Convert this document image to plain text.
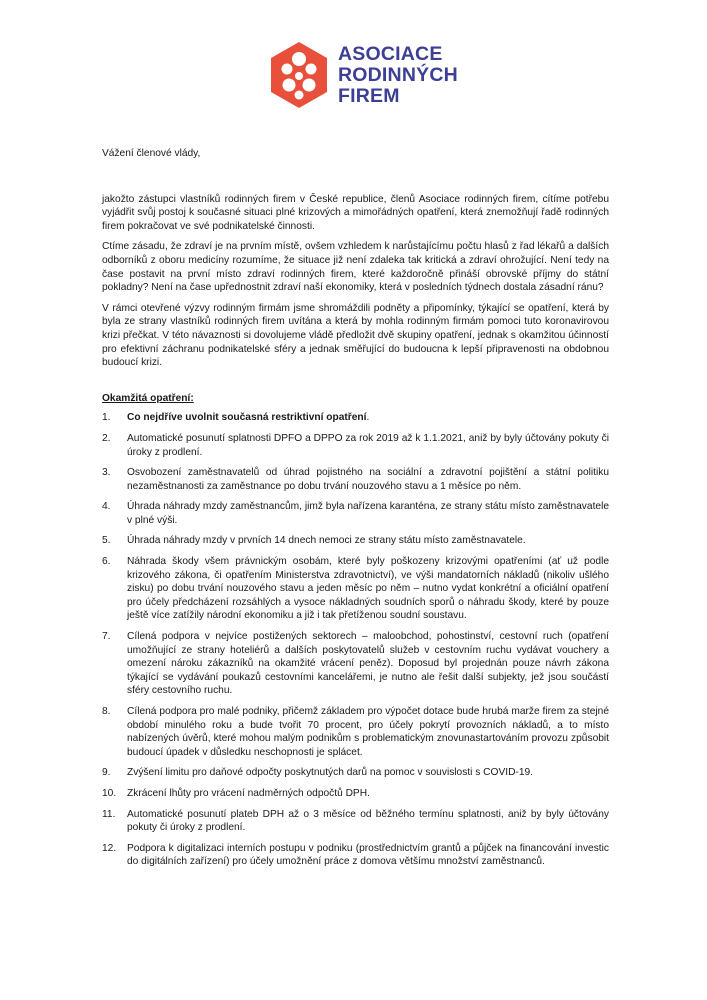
ASOCIACE
RODINNÝCH
FIREM

Vážení členové vlády,

jakožto zástupci vlastníků rodinných firem v České republice, členů Asociace rodinných firem, cítíme potřebu vyjádřit svůj postoj k současné situaci plné krizových a mimořádných opatření, která znemožňují řadě rodinných firem pokračovat ve své podnikatelské činnosti.

Ctíme zásadu, že zdraví je na prvním místě, ovšem vzhledem k narůstajícímu počtu hlasů z řad lékařů a dalších odborníků z oboru medicíny rozumíme, že situace již není zdaleka tak kritická a zdraví ohrožující. Není tedy na čase postavit na první místo zdraví rodinných firem, které každoročně přináší obrovské příjmy do státní pokladny? Není na čase upřednostnit zdraví naší ekonomiky, která v posledních týdnech dostala zásadní ránu?

V rámci otevřené výzvy rodinným firmám jsme shromáždili podněty a připomínky, týkající se opatření, která by byla ze strany vlastníků rodinných firem uvítána a která by mohla rodinným firmám pomoci tuto koronavirovou krizi přečkat. V této návaznosti si dovolujeme vládě předložit dvě skupiny opatření, jednak s okamžitou účinností pro efektivní záchranu podnikatelské sféry a jednak směřující do budoucna k lepší připravenosti na obdobnou budoucí krizi.

Okamžitá opatření:
1.	Co nejdříve uvolnit současná restriktivní opatření.
2.	Automatické posunutí splatnosti DPFO a DPPO za rok 2019 až k 1.1.2021, aniž by byly účtovány pokuty či úroky z prodlení.
3.	Osvobození zaměstnavatelů od úhrad pojistného na sociální a zdravotní pojištění a státní politiku nezaměstnanosti za zaměstnance po dobu trvání nouzového stavu a 1 měsíce po něm.
4.	Úhrada náhrady mzdy zaměstnancům, jimž byla nařízena karanténa, ze strany státu místo zaměstnavatele v plné výši.
5.	Úhrada náhrady mzdy v prvních 14 dnech nemoci ze strany státu místo zaměstnavatele.
6.	Náhrada škody všem právnickým osobám, které byly poškozeny krizovými opatřeními (ať už podle krizového zákona, či opatřením Ministerstva zdravotnictví), ve výši mandatorních nákladů (nikoliv ušlého zisku) po dobu trvání nouzového stavu a jeden měsíc po něm – nutno vydat konkrétní a oficiální opatření pro účely předcházení rozsáhlých a vysoce nákladných soudních sporů o náhradu škody, které by pouze ještě více zatížily národní ekonomiku a již i tak přetíženou soudní soustavu.
7.	Cílená podpora v nejvíce postižených sektorech – maloobchod, pohostinství, cestovní ruch (opatření umožňující ze strany hoteliérů a dalších poskytovatelů služeb v cestovním ruchu vydávat vouchery a omezení nároku zákazníků na okamžité vrácení peněz). Doposud byl projednán pouze návrh zákona týkající se vydávání poukazů cestovními kancelářemi, je nutno ale řešit další subjekty, jež jsou součástí sféry cestovního ruchu.
8.	Cílená podpora pro malé podniky, přičemž základem pro výpočet dotace bude hrubá marže firem za stejné období minulého roku a bude tvořit 70 procent, pro účely pokrytí provozních nákladů, a to místo nabízených úvěrů, které mohou malým podnikům s problematickým znovunastartováním provozu způsobit budoucí úpadek v důsledku neschopnosti je splácet.
9.	Zvýšení limitu pro daňové odpočty poskytnutých darů na pomoc v souvislosti s COVID-19.
10.	Zkrácení lhůty pro vrácení nadměrných odpočtů DPH.
11.	Automatické posunutí plateb DPH až o 3 měsíce od běžného termínu splatnosti, aniž by byly účtovány pokuty či úroky z prodlení.
12.	Podpora k digitalizaci interních postupu v podniku (prostřednictvím grantů a půjček na financování investic do digitálních zařízení) pro účely umožnění práce z domova většímu množství zaměstnanců.
